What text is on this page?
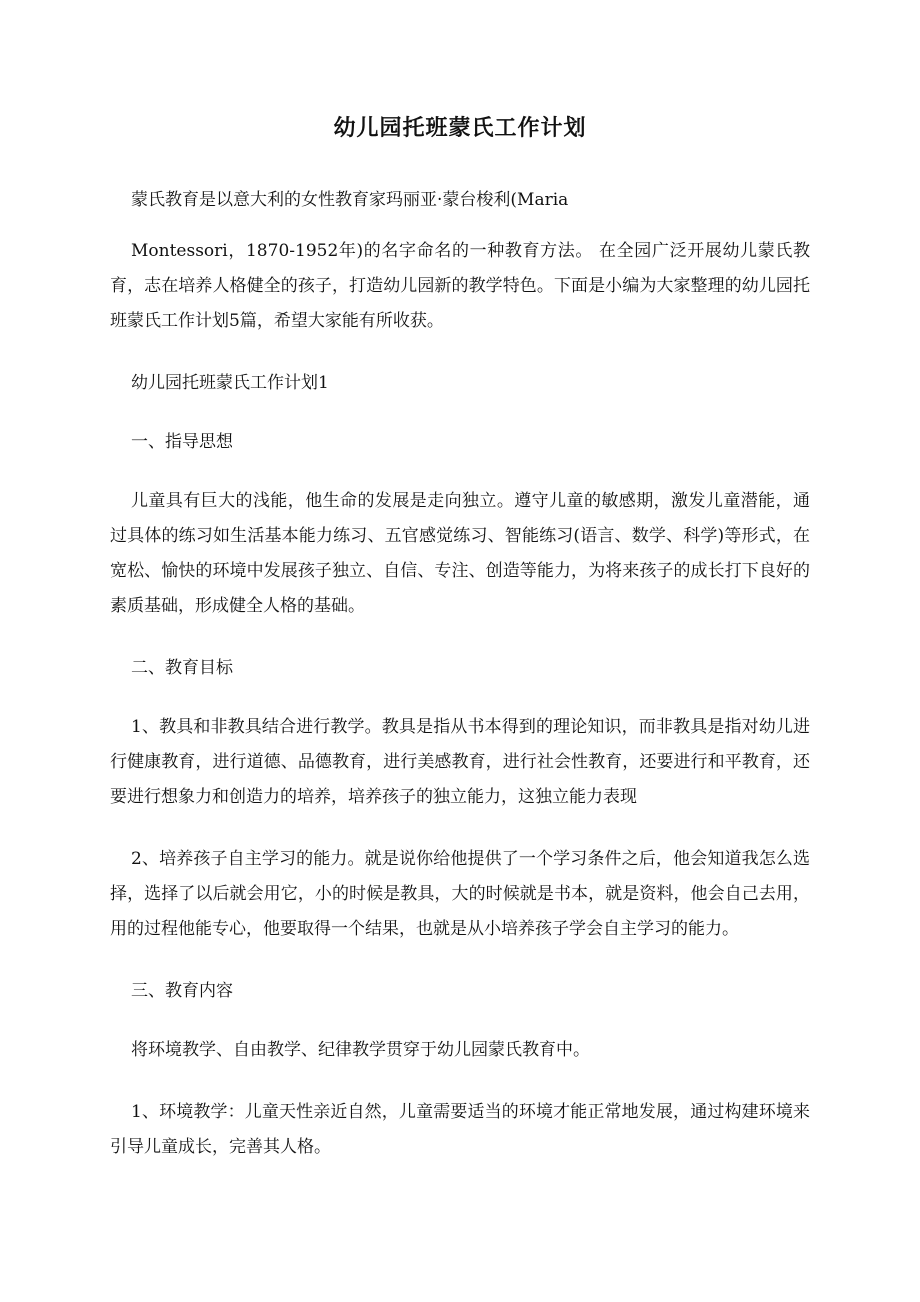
幼儿园托班蒙氏工作计划

蒙氏教育是以意大利的女性教育家玛丽亚·蒙台梭利(Maria

Montessori，1870-1952年)的名字命名的一种教育方法。 在全园广泛开展幼儿蒙氏教育，志在培养人格健全的孩子，打造幼儿园新的教学特色。下面是小编为大家整理的幼儿园托班蒙氏工作计划5篇，希望大家能有所收获。

幼儿园托班蒙氏工作计划1

一、指导思想

儿童具有巨大的浅能，他生命的发展是走向独立。遵守儿童的敏感期，激发儿童潜能，通过具体的练习如生活基本能力练习、五官感觉练习、智能练习(语言、数学、科学)等形式，在宽松、愉快的环境中发展孩子独立、自信、专注、创造等能力，为将来孩子的成长打下良好的素质基础，形成健全人格的基础。

二、教育目标

1、教具和非教具结合进行教学。教具是指从书本得到的理论知识，而非教具是指对幼儿进行健康教育，进行道德、品德教育，进行美感教育，进行社会性教育，还要进行和平教育，还要进行想象力和创造力的培养，培养孩子的独立能力，这独立能力表现

2、培养孩子自主学习的能力。就是说你给他提供了一个学习条件之后，他会知道我怎么选择，选择了以后就会用它，小的时候是教具，大的时候就是书本，就是资料，他会自己去用，用的过程他能专心，他要取得一个结果，也就是从小培养孩子学会自主学习的能力。

三、教育内容

将环境教学、自由教学、纪律教学贯穿于幼儿园蒙氏教育中。

1、环境教学：儿童天性亲近自然，儿童需要适当的环境才能正常地发展，通过构建环境来引导儿童成长，完善其人格。
